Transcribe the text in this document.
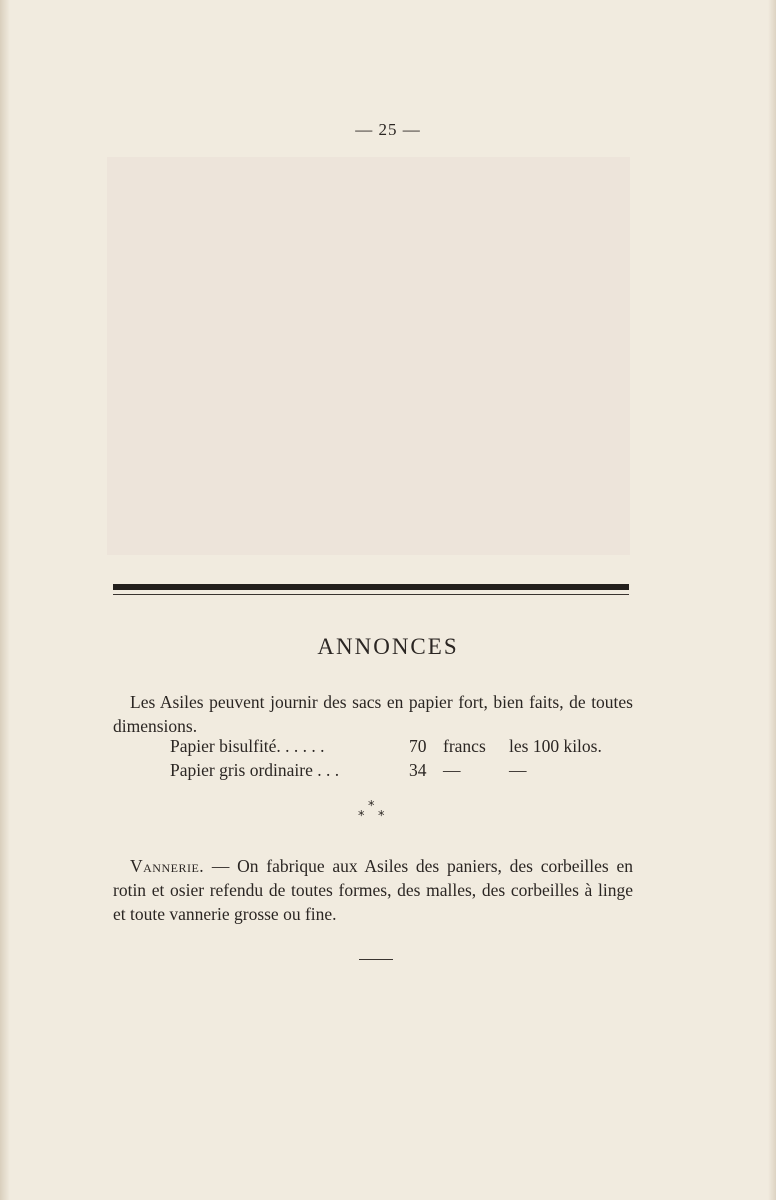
— 25 —
ANNONCES
Les Asiles peuvent journir des sacs en papier fort, bien faits, de toutes dimensions.
Papier bisulfité. . . . . .	70 francs les 100 kilos.
Papier gris ordinaire . . .	34 —	—
*
* *
Vannerie. — On fabrique aux Asiles des paniers, des corbeilles en rotin et osier refendu de toutes formes, des malles, des corbeilles à linge et toute vannerie grosse ou fine.
